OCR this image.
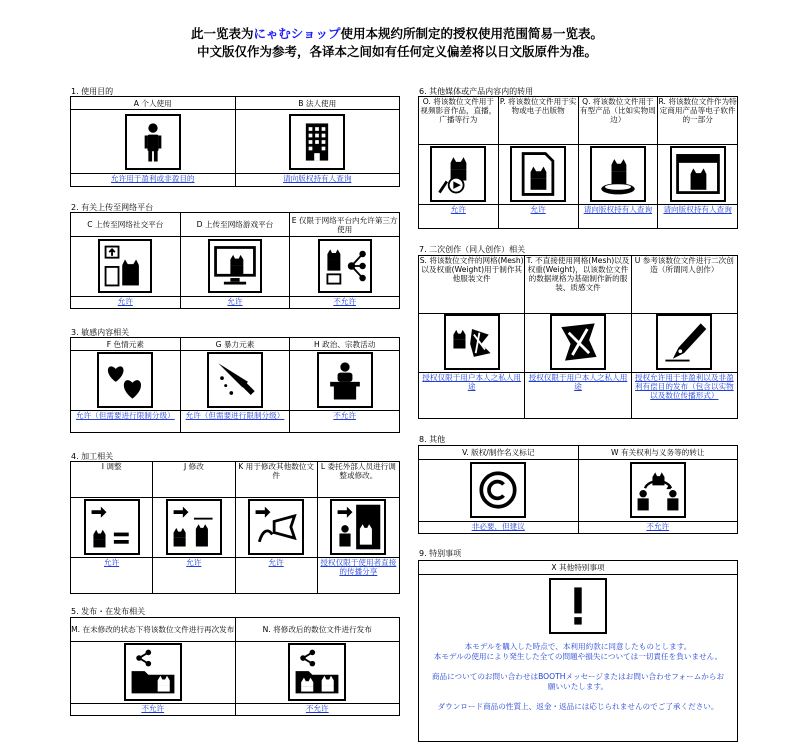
此一览表为にゃむショップ使用本规约所制定的授权使用范围简易一览表。
中文版仅作为参考，各译本之间如有任何定义偏差将以日文版原件为准。
1. 使用目的
A 个人使用	B 法人使用

允许用于盈利或非盈目的	请向版权持有人查询
2. 有关上传至网络平台
C 上传至网络社交平台	D 上传至网络游戏平台	E 仅限于网络平台内允许第三方使用

允许	允许	不允许
3. 敏感内容相关
F 色情元素	G 暴力元素	H 政治、宗教活动

允许（但需要进行限制分级）	允许（但需要进行限制分级）	不允许
4. 加工相关
I 调整	J 修改	K 用于修改其他数位文件	L 委托外部人员进行调整或修改。

允许	允许	允许	授权仅限于使用者直接的传播分享
5. 发布・在发布相关
M. 在未修改的状态下将该数位文件进行再次发布	N. 将修改后的数位文件进行发布

不允许	不允许
6. 其他媒体或产品内容内的转用
O. 将该数位文件用于视频影音作品，直播，广播等行为	P. 将该数位文件用于实物或电子出版物	Q. 将该数位文件用于有型产品（比如实物周边）	R. 将该数位文件作为特定商用产品等电子软件的一部分

允许	允许	请向版权持有人查询	请向版权持有人查询
7. 二次创作（同人创作）相关
S. 将该数位文件的网格(Mesh)以及权重(Weight)用于制作其他服装文件	T. 不直接使用网格(Mesh)以及权重(Weight)，以该数位文件的数据规格为基础制作新的服装、质感文件	U 参考该数位文件进行二次创造（所谓同人创作）

授权仅限于用户本人之私人用途	授权仅限于用户本人之私人用途	授权允许用于非盈利以及非盈利有偿目的发布（包含以实物以及数位传播形式）
8. 其他
V. 版权/制作名义标记	W 有关权利与义务等的转让

非必要，但建议	不允许
9. 特别事项
X 其他特别事项
本モデルを購入した時点で、本利用約款に同意したものとします。
本モデルの使用により発生した全ての問題や損失については一切責任を負いません。
商品についてのお問い合わせはBOOTHメッセージまたはお問い合わせフォームからお願いいたします。
ダウンロード商品の性質上、返金・返品には応じられませんのでご了承ください。
